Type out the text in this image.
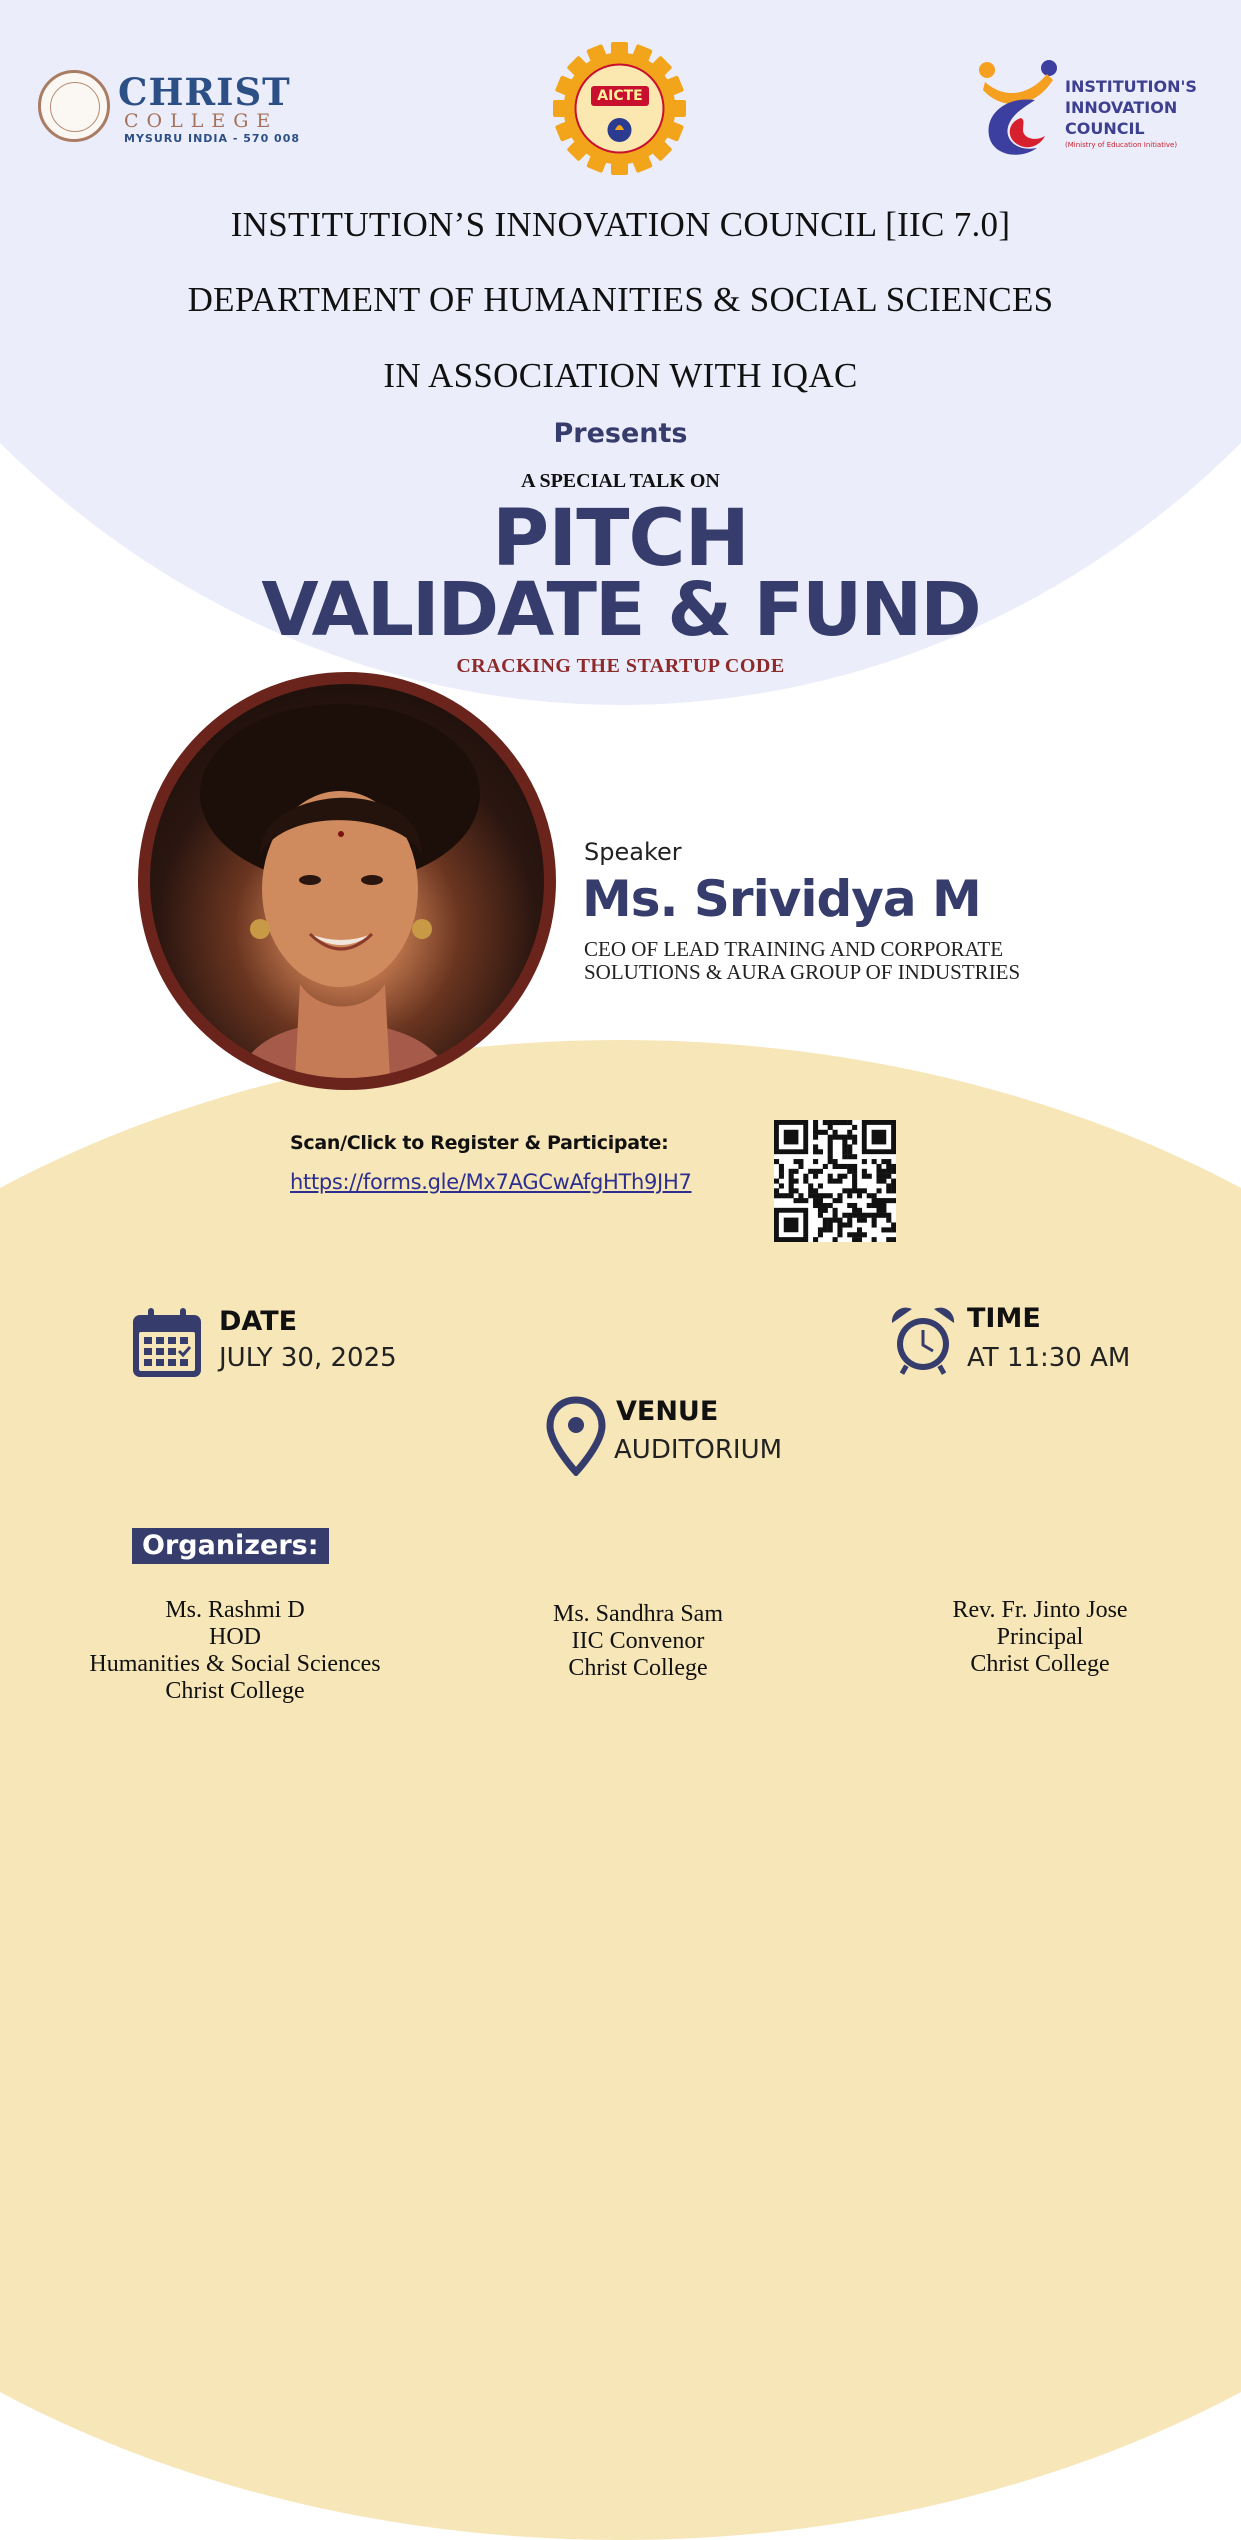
CHRIST
COLLEGE
MYSURU INDIA - 570 008
AICTE	INSTITUTION'S
INNOVATION
COUNCIL
(Ministry of Education Initiative)
INSTITUTION’S INNOVATION COUNCIL [IIC 7.0]
DEPARTMENT OF HUMANITIES & SOCIAL SCIENCES
IN ASSOCIATION WITH IQAC
Presents
A SPECIAL TALK ON
PITCH
VALIDATE & FUND
CRACKING THE STARTUP CODE
Speaker
Ms. Srividya M
CEO OF LEAD TRAINING AND CORPORATE
SOLUTIONS & AURA GROUP OF INDUSTRIES
Scan/Click to Register & Participate:
https://forms.gle/Mx7AGCwAfgHTh9JH7
DATE
JULY 30, 2025
TIME
AT 11:30 AM
VENUE
AUDITORIUM
Organizers:
Ms. Rashmi D
HOD
Humanities & Social Sciences
Christ College
Ms. Sandhra Sam
IIC Convenor
Christ College
Rev. Fr. Jinto Jose
Principal
Christ College
